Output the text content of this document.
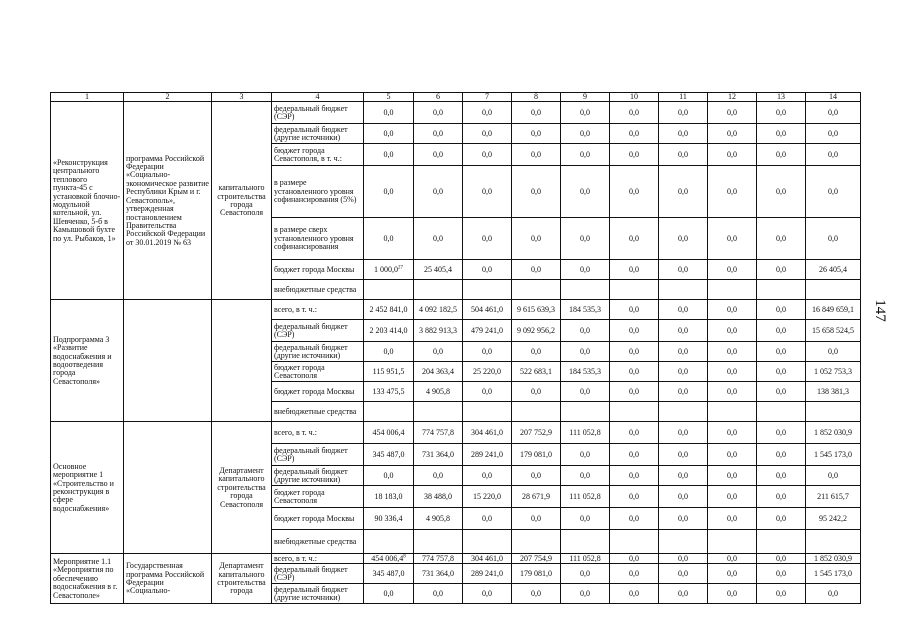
1	2	3	4	5	6	7	8	9	10	11	12	13	14
«Реконструкция центрального теплового пункта-45 с установкой блочно-модульной котельной, ул. Шевченко, 5-б в Камышовой бухте по ул. Рыбаков, 1»	программа Российской Федерации «Социально-экономическое развитие Республики Крым и г. Севастополь», утвержденная постановлением Правительства Российской Федерации от 30.01.2019 № 63	капитального строительства города Севастополя	федеральный бюджет (СЭР)	0,0	0,0	0,0	0,0	0,0	0,0	0,0	0,0	0,0	0,0
			федеральный бюджет (другие источники)	0,0	0,0	0,0	0,0	0,0	0,0	0,0	0,0	0,0	0,0
			бюджет города Севастополя, в т. ч.:	0,0	0,0	0,0	0,0	0,0	0,0	0,0	0,0	0,0	0,0
			в размере установленного уровня софинансирования (5%)	0,0	0,0	0,0	0,0	0,0	0,0	0,0	0,0	0,0	0,0
			в размере сверх установленного уровня софинансирования	0,0	0,0	0,0	0,0	0,0	0,0	0,0	0,0	0,0	0,0
			бюджет города Москвы	1 000,0$^{27}$	25 405,4	0,0	0,0	0,0	0,0	0,0	0,0	0,0	26 405,4
			внебюджетные средства										
Подпрограмма 3 «Развитие водоснабжения и водоотведения города Севастополя»			всего, в т. ч.:	2 452 841,0	4 092 182,5	504 461,0	9 615 639,3	184 535,3	0,0	0,0	0,0	0,0	16 849 659,1
			федеральный бюджет (СЭР)	2 203 414,0	3 882 913,3	479 241,0	9 092 956,2	0,0	0,0	0,0	0,0	0,0	15 658 524,5
			федеральный бюджет (другие источники)	0,0	0,0	0,0	0,0	0,0	0,0	0,0	0,0	0,0	0,0
			бюджет города Севастополя	115 951,5	204 363,4	25 220,0	522 683,1	184 535,3	0,0	0,0	0,0	0,0	1 052 753,3
			бюджет города Москвы	133 475,5	4 905,8	0,0	0,0	0,0	0,0	0,0	0,0	0,0	138 381,3
			внебюджетные средства										
Основное мероприятие 1 «Строительство и реконструкция в сфере водоснабжения»		Департамент капитального строительства города Севастополя	всего, в т. ч.:	454 006,4	774 757,8	304 461,0	207 752,9	111 052,8	0,0	0,0	0,0	0,0	1 852 030,9
			федеральный бюджет (СЭР)	345 487,0	731 364,0	289 241,0	179 081,0	0,0	0,0	0,0	0,0	0,0	1 545 173,0
			федеральный бюджет (другие источники)	0,0	0,0	0,0	0,0	0,0	0,0	0,0	0,0	0,0	0,0
			бюджет города Севастополя	18 183,0	38 488,0	15 220,0	28 671,9	111 052,8	0,0	0,0	0,0	0,0	211 615,7
			бюджет города Москвы	90 336,4	4 905,8	0,0	0,0	0,0	0,0	0,0	0,0	0,0	95 242,2
			внебюджетные средства										
Мероприятие 1.1 «Мероприятия по обеспечению водоснабжения в г. Севастополе»	Государственная программа Российской Федерации «Социально-	Департамент капитального строительства города	всего, в т. ч.:	454 006,4$^8$	774 757,8	304 461,0	207 754,9	111 052,8	0,0	0,0	0,0	0,0	1 852 030,9
			федеральный бюджет (СЭР)	345 487,0	731 364,0	289 241,0	179 081,0	0,0	0,0	0,0	0,0	0,0	1 545 173,0
			федеральный бюджет (другие источники)	0,0	0,0	0,0	0,0	0,0	0,0	0,0	0,0	0,0	0,0
147
